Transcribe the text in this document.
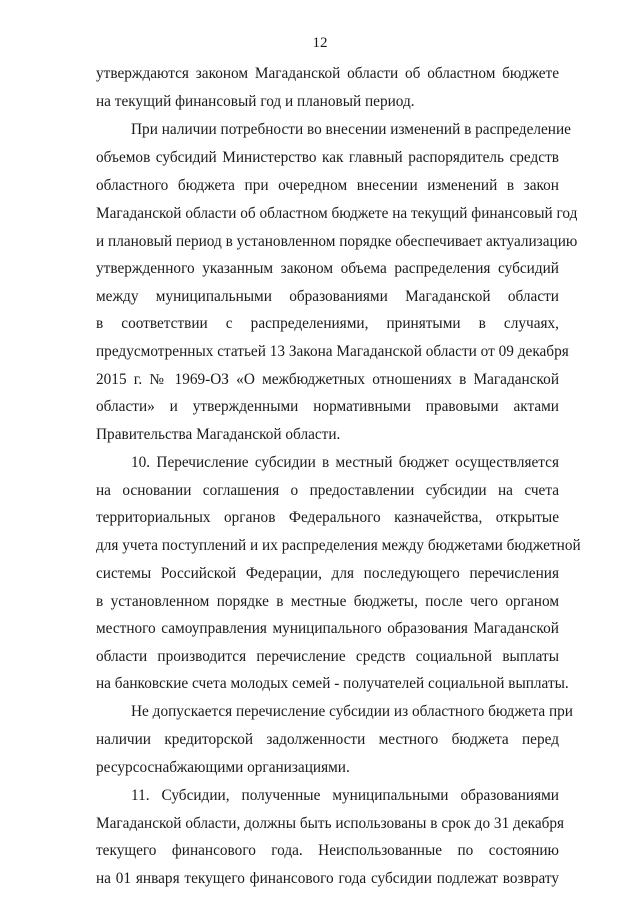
12
утверждаются законом Магаданской области об областном бюджете
на текущий финансовый год и плановый период.
При наличии потребности во внесении изменений в распределение
объемов субсидий Министерство как главный распорядитель средств
областного бюджета при очередном внесении изменений в закон
Магаданской области об областном бюджете на текущий финансовый год
и плановый период в установленном порядке обеспечивает актуализацию
утвержденного указанным законом объема распределения субсидий
между муниципальными образованиями Магаданской области
в соответствии с распределениями, принятыми в случаях,
предусмотренных статьей 13 Закона Магаданской области от 09 декабря
2015 г. № 1969-ОЗ «О межбюджетных отношениях в Магаданской
области» и утвержденными нормативными правовыми актами
Правительства Магаданской области.
10. Перечисление субсидии в местный бюджет осуществляется
на основании соглашения о предоставлении субсидии на счета
территориальных органов Федерального казначейства, открытые
для учета поступлений и их распределения между бюджетами бюджетной
системы Российской Федерации, для последующего перечисления
в установленном порядке в местные бюджеты, после чего органом
местного самоуправления муниципального образования Магаданской
области производится перечисление средств социальной выплаты
на банковские счета молодых семей - получателей социальной выплаты.
Не допускается перечисление субсидии из областного бюджета при
наличии кредиторской задолженности местного бюджета перед
ресурсоснабжающими организациями.
11. Субсидии, полученные муниципальными образованиями
Магаданской области, должны быть использованы в срок до 31 декабря
текущего финансового года. Неиспользованные по состоянию
на 01 января текущего финансового года субсидии подлежат возврату
